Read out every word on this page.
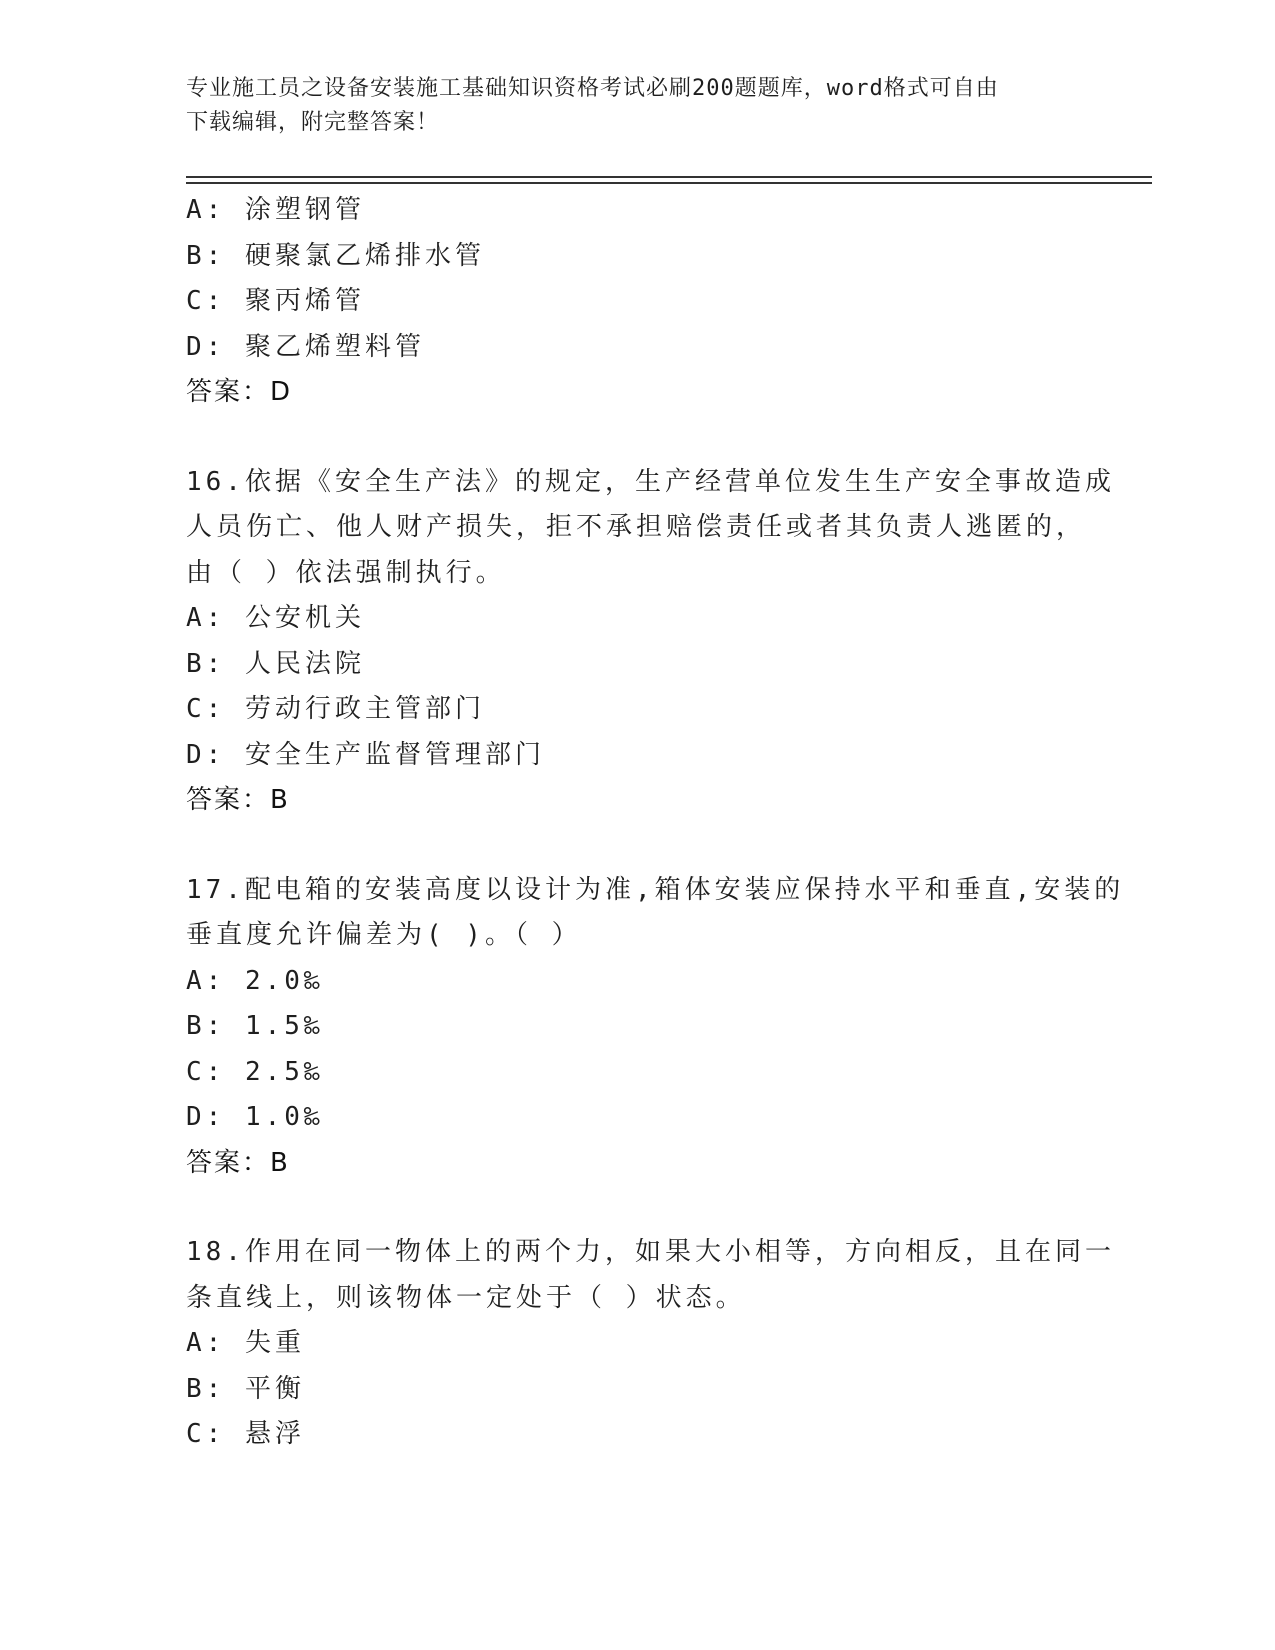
专业施工员之设备安装施工基础知识资格考试必刷200题题库，word格式可自由
下载编辑，附完整答案！
A: 涂塑钢管
B: 硬聚氯乙烯排水管
C: 聚丙烯管
D: 聚乙烯塑料管
答案：D
16.依据《安全生产法》的规定，生产经营单位发生生产安全事故造成
人员伤亡、他人财产损失，拒不承担赔偿责任或者其负责人逃匿的，
由（ ）依法强制执行。
A: 公安机关
B: 人民法院
C: 劳动行政主管部门
D: 安全生产监督管理部门
答案：B
17.配电箱的安装高度以设计为准,箱体安装应保持水平和垂直,安装的
垂直度允许偏差为( )。（ ）
A: 2.0‰
B: 1.5‰
C: 2.5‰
D: 1.0‰
答案：B
18.作用在同一物体上的两个力，如果大小相等，方向相反，且在同一
条直线上，则该物体一定处于（ ）状态。
A: 失重
B: 平衡
C: 悬浮
